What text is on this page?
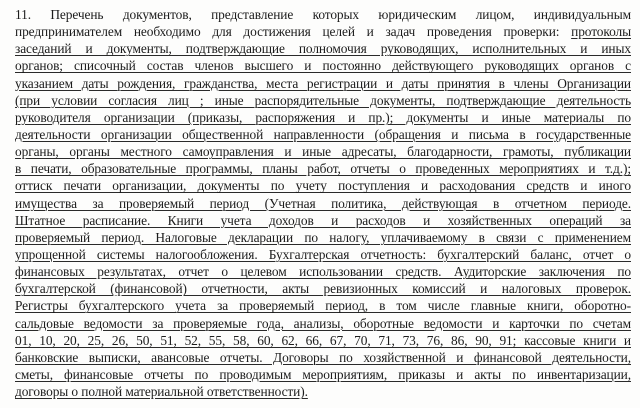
11. Перечень документов, представление которых юридическим лицом, индивидуальным
предпринимателем необходимо для достижения целей и задач проведения проверки: протоколы
заседаний и документы, подтверждающие полномочия руководящих, исполнительных и иных
органов; списочный состав членов высшего и постоянно действующего руководящих органов с
указанием даты рождения, гражданства, места регистрации и даты принятия в члены Организации
(при условии согласия лиц ; иные распорядительные документы, подтверждающие деятельность
руководителя организации (приказы, распоряжения и пр.); документы и иные материалы по
деятельности организации общественной направленности (обращения и письма в государственные
органы, органы местного самоуправления и иные адресаты, благодарности, грамоты, публикации
в печати, образовательные программы, планы работ, отчеты о проведенных мероприятиях и т.д.);
оттиск печати организации, документы по учету поступления и расходования средств и иного
имущества за проверяемый период (Учетная политика, действующая в отчетном периоде.
Штатное расписание. Книги учета доходов и расходов и хозяйственных операций за
проверяемый период. Налоговые декларации по налогу, уплачиваемому в связи с применением
упрощенной системы налогообложения. Бухгалтерская отчетность: бухгалтерский баланс, отчет о
финансовых результатах, отчет о целевом использовании средств. Аудиторские заключения по
бухгалтерской (финансовой) отчетности, акты ревизионных комиссий и налоговых проверок.
Регистры бухгалтерского учета за проверяемый период, в том числе главные книги, оборотно-
сальдовые ведомости за проверяемые года, анализы, оборотные ведомости и карточки по счетам
01, 10, 20, 25, 26, 50, 51, 52, 55, 58, 60, 62, 66, 67, 70, 71, 73, 76, 86, 90, 91; кассовые книги и
банковские выписки, авансовые отчеты. Договоры по хозяйственной и финансовой деятельности,
сметы, финансовые отчеты по проводимым мероприятиям, приказы и акты по инвентаризации,
договоры о полной материальной ответственности).
